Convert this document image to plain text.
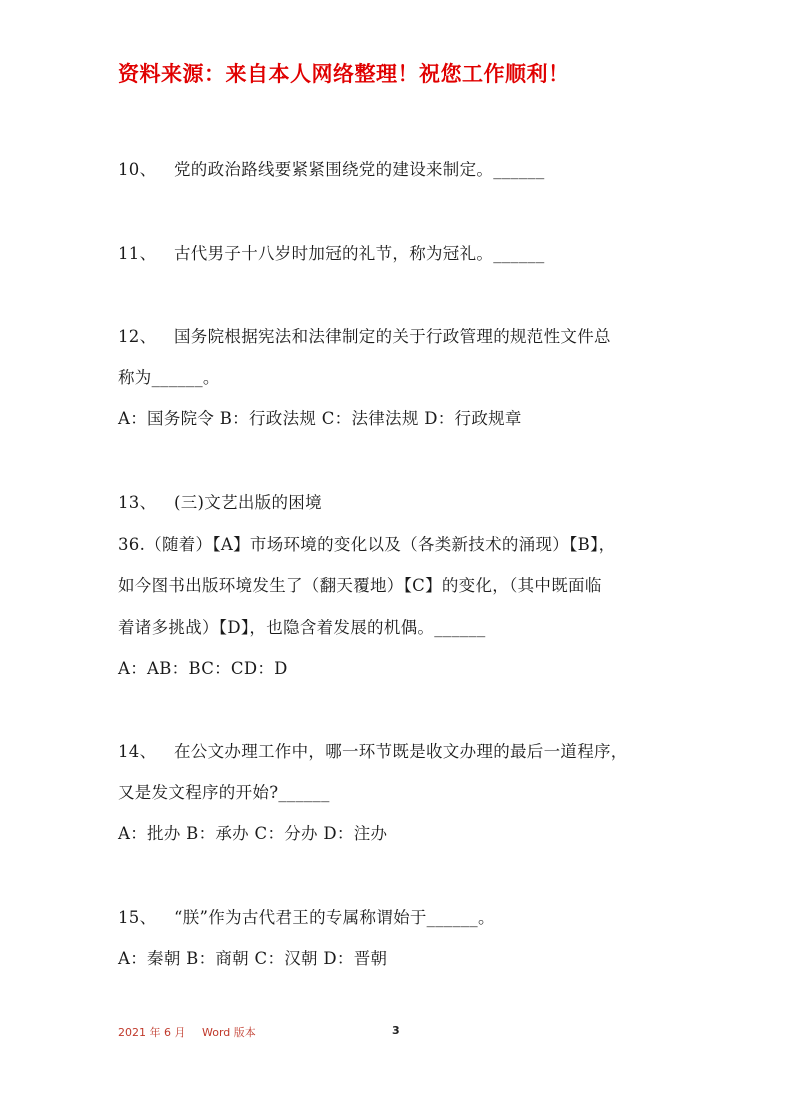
资料来源：来自本人网络整理！祝您工作顺利！
10、 党的政治路线要紧紧围绕党的建设来制定。______
11、 古代男子十八岁时加冠的礼节，称为冠礼。______
12、 国务院根据宪法和法律制定的关于行政管理的规范性文件总
称为______。
A：国务院令 B：行政法规 C：法律法规 D：行政规章
13、 (三)文艺出版的困境
36.（随着）【A】市场环境的变化以及（各类新技术的涌现）【B】，
如今图书出版环境发生了（翻天覆地）【C】的变化，（其中既面临
着诸多挑战）【D】，也隐含着发展的机偶。______
A：AB：BC：CD：D
14、 在公文办理工作中，哪一环节既是收文办理的最后一道程序，
又是发文程序的开始?______
A：批办 B：承办 C：分办 D：注办
15、 “朕”作为古代君王的专属称谓始于______。
A：秦朝 B：商朝 C：汉朝 D：晋朝
2021 年 6 月 Word 版本	3
